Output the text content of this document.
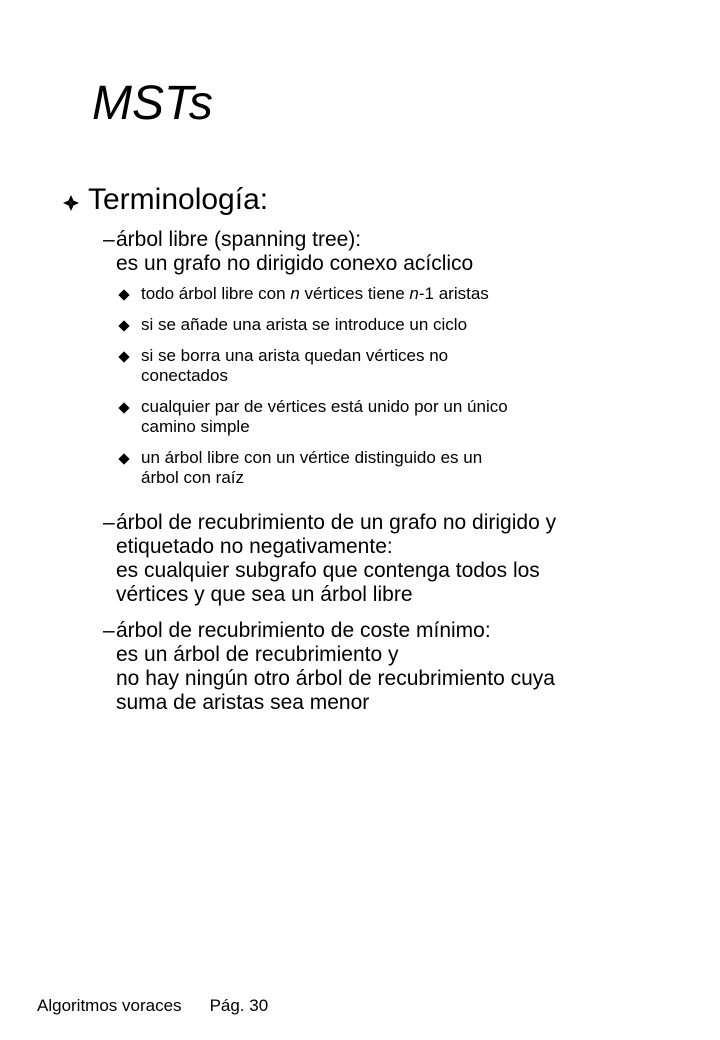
MSTs
Terminología:
– árbol libre (spanning tree):
es un grafo no dirigido conexo acíclico
todo árbol libre con n vértices tiene n-1 aristas
si se añade una arista se introduce un ciclo
si se borra una arista quedan vértices no
conectados
cualquier par de vértices está unido por un único
camino simple
un árbol libre con un vértice distinguido es un
árbol con raíz
– árbol de recubrimiento de un grafo no dirigido y
etiquetado no negativamente:
es cualquier subgrafo que contenga todos los
vértices y que sea un árbol libre
– árbol de recubrimiento de coste mínimo:
es un árbol de recubrimiento y
no hay ningún otro árbol de recubrimiento cuya
suma de aristas sea menor
Algoritmos voraces Pág. 30
